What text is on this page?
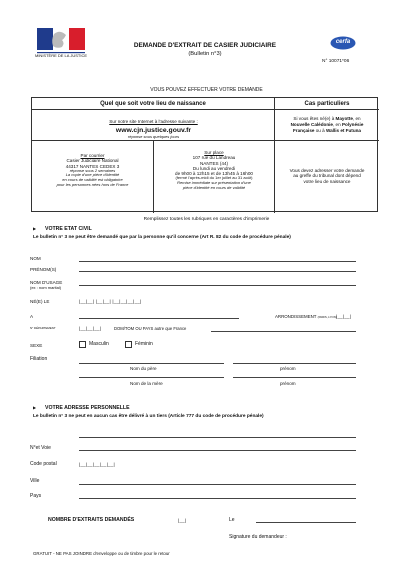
MINISTÈRE DE LA JUSTICE
DEMANDE D'EXTRAIT DE CASIER JUDICIAIRE
(Bulletin n°3)
cerfa
N° 10071*06
VOUS POUVEZ EFFECTUER VOTRE DEMANDE
Quel que soit votre lieu de naissance	Cas particuliers
Sur notre site Internet à l'adresse suivante :
www.cjn.justice.gouv.fr
réponse sous quelques jours
Par courrier
Casier Judiciaire National
44317 NANTES CEDEX 3
réponse sous 2 semaines
La copie d'une pièce d'identité
en cours de validité est obligatoire
pour les personnes nées hors de France
Sur place
107 rue du Landreau
NANTES (44)
Du lundi au vendredi
de 9h00 à 12h15 et de 13h45 à 16h00
(fermé l'après-midi du 1er juillet au 31 août)
Remise immédiate sur présentation d'une
pièce d'identité en cours de validité
Si vous êtes né(e) à Mayotte, en
Nouvelle Calédonie, en Polynésie
Française ou à Wallis et Futuna
Vous devez adresser votre demande
au greffe du tribunal dont dépend
votre lieu de naissance
Remplissez toutes les rubriques en caractères d'imprimerie
▶ VOTRE ETAT CIVIL
Le bulletin n° 3 ne peut être demandé que par la personne qu'il concerne (Art R. 82 du code de procédure pénale)
NOM
PRÉNOM(S)
NOM D'USAGE
(ex : nom marital)
NÉ(E) LE	|__|__| |__|__| |__|__|__|__|
A	ARRONDISSEMENT (PARIS, LYON) |__|__|
N° DÉPARTEMENT	|__|__|__|	DOM/TOM OU PAYS autre que France
SEXE	Masculin	Féminin
Filiation
Nom du père	prénom
Nom de la mère	prénom
▶ VOTRE ADRESSE PERSONNELLE
Le bulletin n° 3 ne peut en aucun cas être délivré à un tiers (Article 777 du code de procédure pénale)
N°et Voie
Code postal	|__|__|__|__|__|
Ville
Pays
NOMBRE D'EXTRAITS DEMANDÉS	|__|	Le
Signature du demandeur :
GRATUIT - NE PAS JOINDRE d'enveloppe ou de timbre pour le retour
